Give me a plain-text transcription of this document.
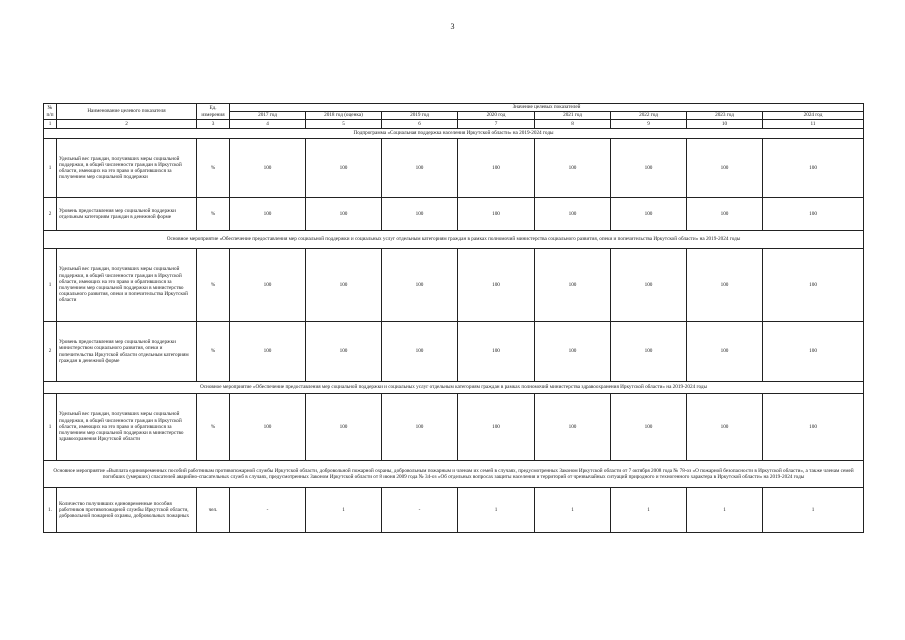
3
№ п/п	Наименование целевого показателя	Ед. измерения	Значение целевых показателей							
			2017 год	2018 год (оценка)	2019 год	2020 год	2021 год	2022 год	2023 год	2024 год
1	2	3	4	5	6	7	8	9	10	11
Подпрограмма «Социальная поддержка населения Иркутской области» на 2019-2024 годы										
1	Удельный вес граждан, получивших меры социальной поддержки, в общей численности граждан в Иркутской области, имеющих на это право и обратившихся за получением мер социальной поддержки	%	100	100	100	100	100	100	100	100
2	Уровень предоставления мер социальной поддержки отдельным категориям граждан в денежной форме	%	100	100	100	100	100	100	100	100
Основное мероприятие «Обеспечение предоставления мер социальной поддержки и социальных услуг отдельным категориям граждан в рамках полномочий министерства социального развития, опеки и попечительства Иркутской области» на 2019-2024 годы										
1	Удельный вес граждан, получивших меры социальной поддержки, в общей численности граждан в Иркутской области, имеющих на это право и обратившихся за получением мер социальной поддержки в министерство социального развития, опеки и попечительства Иркутской области	%	100	100	100	100	100	100	100	100
2	Уровень предоставления мер социальной поддержки министерством социального развития, опеки и попечительства Иркутской области отдельным категориям граждан в денежной форме	%	100	100	100	100	100	100	100	100
Основное мероприятие «Обеспечение предоставления мер социальной поддержки и социальных услуг отдельным категориям граждан в рамках полномочий министерства здравоохранения Иркутской области» на 2019-2024 годы										
1	Удельный вес граждан, получивших меры социальной поддержки, в общей численности граждан в Иркутской области, имеющих на это право и обратившихся за получением мер социальной поддержки в министерство здравоохранения Иркутской области	%	100	100	100	100	100	100	100	100
Основное мероприятие «Выплата единовременных пособий работникам противопожарной службы Иркутской области, добровольной пожарной охраны, добровольным пожарным и членам их семей в случаях, предусмотренных Законом Иркутской области от 7 октября 2008 года № 78-оз «О пожарной безопасности в Иркутской области», а также членам семей погибших (умерших) спасателей аварийно-спасательных служб в случаях, предусмотренных Законом Иркутской области от 8 июня 2009 года № 34-оз «Об отдельных вопросах защиты населения и территорий от чрезвычайных ситуаций природного и техногенного характера в Иркутской области» на 2019-2024 годы										
1.	Количество получивших единовременные пособия работников противопожарной службы Иркутской области, добровольной пожарной охраны, добровольных пожарных	чел.	-	1	-	1	1	1	1	1
